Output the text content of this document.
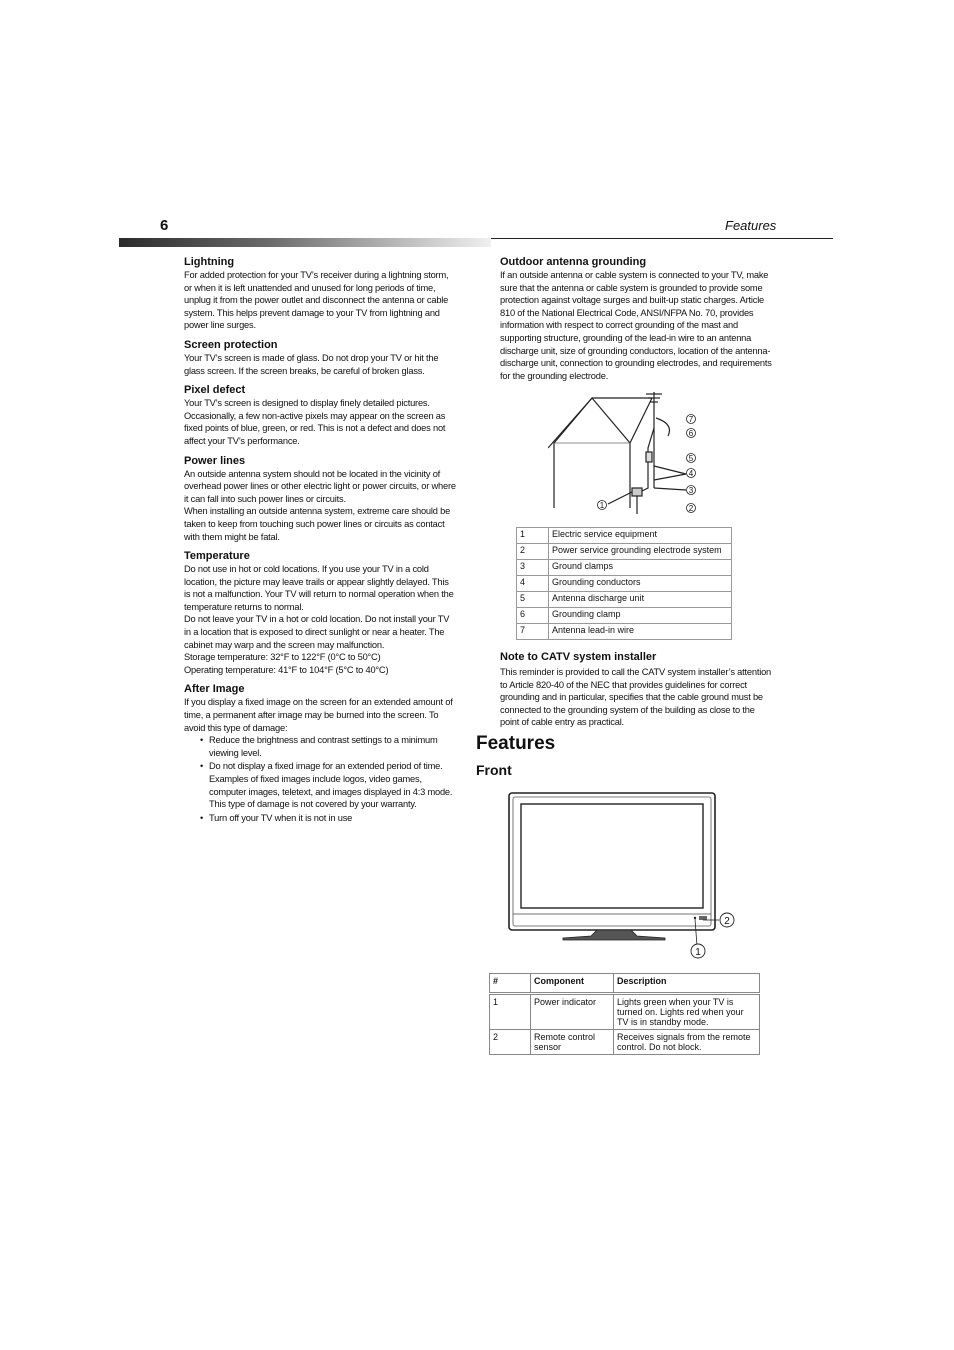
6	Features
Lightning

For added protection for your TV’s receiver during a lightning storm, or when it is left unattended and unused for long periods of time, unplug it from the power outlet and disconnect the antenna or cable system. This helps prevent damage to your TV from lightning and power line surges.

Screen protection

Your TV’s screen is made of glass. Do not drop your TV or hit the glass screen. If the screen breaks, be careful of broken glass.

Pixel defect

Your TV’s screen is designed to display finely detailed pictures. Occasionally, a few non-active pixels may appear on the screen as fixed points of blue, green, or red. This is not a defect and does not affect your TV’s performance.

Power lines

An outside antenna system should not be located in the vicinity of overhead power lines or other electric light or power circuits, or where it can fall into such power lines or circuits.

When installing an outside antenna system, extreme care should be taken to keep from touching such power lines or circuits as contact with them might be fatal.

Temperature

Do not use in hot or cold locations. If you use your TV in a cold location, the picture may leave trails or appear slightly delayed. This is not a malfunction. Your TV will return to normal operation when the temperature returns to normal.

Do not leave your TV in a hot or cold location. Do not install your TV in a location that is exposed to direct sunlight or near a heater. The cabinet may warp and the screen may malfunction.

Storage temperature: 32°F to 122°F (0°C to 50°C)

Operating temperature: 41°F to 104°F (5°C to 40°C)

After Image

If you display a fixed image on the screen for an extended amount of time, a permanent after image may be burned into the screen. To avoid this type of damage:

• Reduce the brightness and contrast settings to a minimum viewing level.
• Do not display a fixed image for an extended period of time. Examples of fixed images include logos, video games, computer images, teletext, and images displayed in 4:3 mode. This type of damage is not covered by your warranty.
• Turn off your TV when it is not in use
Outdoor antenna grounding

If an outside antenna or cable system is connected to your TV, make sure that the antenna or cable system is grounded to provide some protection against voltage surges and built-up static charges. Article 810 of the National Electrical Code, ANSI/NFPA No. 70, provides information with respect to correct grounding of the mast and supporting structure, grounding of the lead-in wire to an antenna discharge unit, size of grounding conductors, location of the antenna-discharge unit, connection to grounding electrodes, and requirements for the grounding electrode.

7
6
5
4
3
2
1
1	Electric service equipment
2	Power service grounding electrode system
3	Ground clamps
4	Grounding conductors
5	Antenna discharge unit
6	Grounding clamp
7	Antenna lead-in wire
Note to CATV system installer

This reminder is provided to call the CATV system installer’s attention to Article 820-40 of the NEC that provides guidelines for correct grounding and in particular, specifies that the cable ground must be connected to the grounding system of the building as close to the point of cable entry as practical.

Features
Front
2
1
#	Component	Description
1	Power indicator	Lights green when your TV is turned on. Lights red when your TV is in standby mode.
2	Remote control sensor	Receives signals from the remote control. Do not block.
